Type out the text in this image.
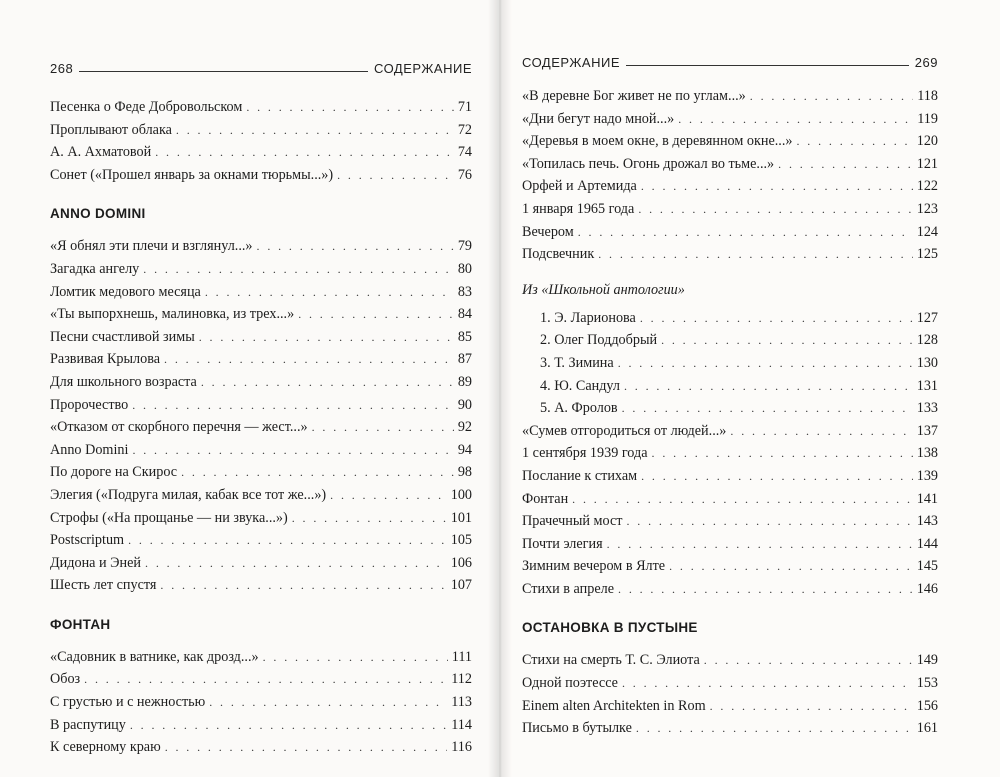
268	СОДЕРЖАНИЕ
Песенка о Феде Добровольском . . .	71
Проплывают облака . . .	72
А. А. Ахматовой . . .	74
Сонет («Прошел январь за окнами тюрьмы...») . . .	76
ANNO DOMINI
«Я обнял эти плечи и взглянул...» . . .	79
Загадка ангелу . . .	80
Ломтик медового месяца . . .	83
«Ты выпорхнешь, малиновка, из трех...» . . .	84
Песни счастливой зимы . . .	85
Развивая Крылова . . .	87
Для школьного возраста . . .	89
Пророчество . . .	90
«Отказом от скорбного перечня — жест...» . . .	92
Anno Domini . . .	94
По дороге на Скирос . . .	98
Элегия («Подруга милая, кабак все тот же...») . . .	100
Строфы («На прощанье — ни звука...») . . .	101
Postscriptum . . .	105
Дидона и Эней . . .	106
Шесть лет спустя . . .	107
ФОНТАН
«Садовник в ватнике, как дрозд...» . . .	111
Обоз . . .	112
С грустью и с нежностью . . .	113
В распутицу . . .	114
К северному краю . . .	116
СОДЕРЖАНИЕ	269
«В деревне Бог живет не по углам...» . . .	118
«Дни бегут надо мной...» . . .	119
«Деревья в моем окне, в деревянном окне...» . . .	120
«Топилась печь. Огонь дрожал во тьме...» . . .	121
Орфей и Артемида . . .	122
1 января 1965 года . . .	123
Вечером . . .	124
Подсвечник . . .	125
Из «Школьной антологии»
1. Э. Ларионова . . .	127
2. Олег Поддобрый . . .	128
3. Т. Зимина . . .	130
4. Ю. Сандул . . .	131
5. А. Фролов . . .	133
«Сумев отгородиться от людей...» . . .	137
1 сентября 1939 года . . .	138
Послание к стихам . . .	139
Фонтан . . .	141
Прачечный мост . . .	143
Почти элегия . . .	144
Зимним вечером в Ялте . . .	145
Стихи в апреле . . .	146
ОСТАНОВКА В ПУСТЫНЕ
Стихи на смерть Т. С. Элиота . . .	149
Одной поэтессе . . .	153
Einem alten Architekten in Rom . . .	156
Письмо в бутылке . . .	161
